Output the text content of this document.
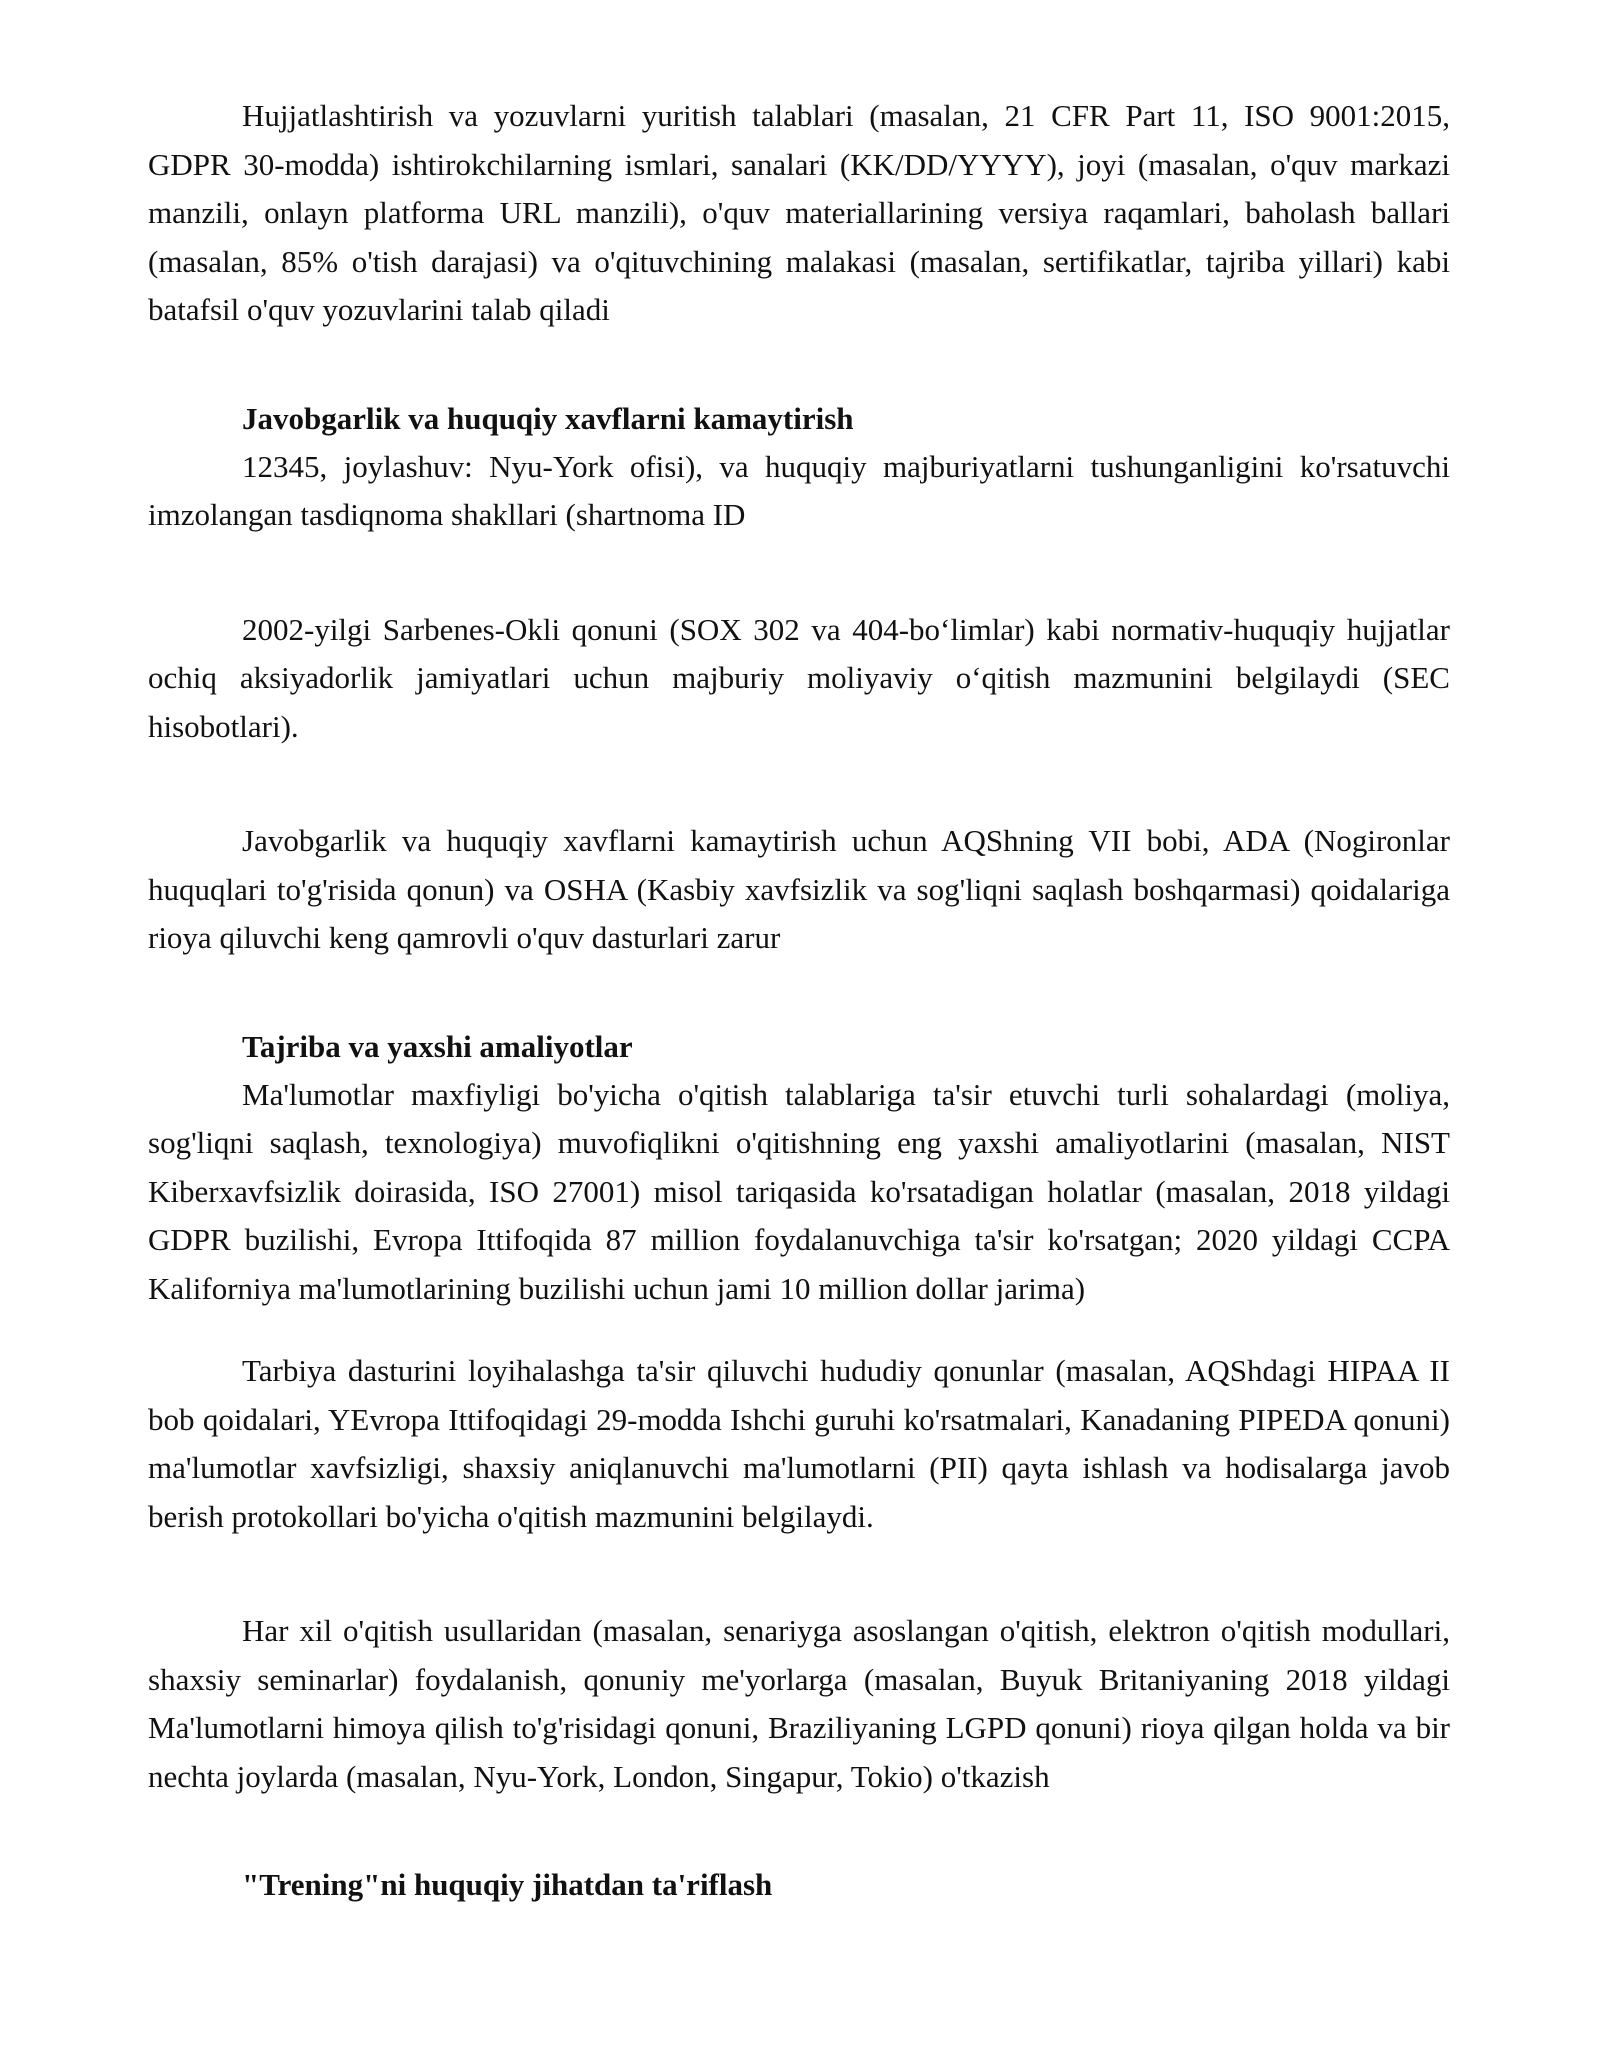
Hujjatlashtirish va yozuvlarni yuritish talablari (masalan, 21 CFR Part 11, ISO 9001:2015, GDPR 30-modda) ishtirokchilarning ismlari, sanalari (KK/DD/YYYY), joyi (masalan, o'quv markazi manzili, onlayn platforma URL manzili), o'quv materiallarining versiya raqamlari, baholash ballari (masalan, 85% o'tish darajasi) va o'qituvchining malakasi (masalan, sertifikatlar, tajriba yillari) kabi batafsil o'quv yozuvlarini talab qiladi

Javobgarlik va huquqiy xavflarni kamaytirish

12345, joylashuv: Nyu-York ofisi), va huquqiy majburiyatlarni tushunganligini ko'rsatuvchi imzolangan tasdiqnoma shakllari (shartnoma ID

2002-yilgi Sarbenes-Okli qonuni (SOX 302 va 404-bo‘limlar) kabi normativ-huquqiy hujjatlar ochiq aksiyadorlik jamiyatlari uchun majburiy moliyaviy o‘qitish mazmunini belgilaydi (SEC hisobotlari).

Javobgarlik va huquqiy xavflarni kamaytirish uchun AQShning VII bobi, ADA (Nogironlar huquqlari to'g'risida qonun) va OSHA (Kasbiy xavfsizlik va sog'liqni saqlash boshqarmasi) qoidalariga rioya qiluvchi keng qamrovli o'quv dasturlari zarur

Tajriba va yaxshi amaliyotlar

Ma'lumotlar maxfiyligi bo'yicha o'qitish talablariga ta'sir etuvchi turli sohalardagi (moliya, sog'liqni saqlash, texnologiya) muvofiqlikni o'qitishning eng yaxshi amaliyotlarini (masalan, NIST Kiberxavfsizlik doirasida, ISO 27001) misol tariqasida ko'rsatadigan holatlar (masalan, 2018 yildagi GDPR buzilishi, Evropa Ittifoqida 87 million foydalanuvchiga ta'sir ko'rsatgan; 2020 yildagi CCPA Kaliforniya ma'lumotlarining buzilishi uchun jami 10 million dollar jarima)

Tarbiya dasturini loyihalashga ta'sir qiluvchi hududiy qonunlar (masalan, AQShdagi HIPAA II bob qoidalari, YEvropa Ittifoqidagi 29-modda Ishchi guruhi ko'rsatmalari, Kanadaning PIPEDA qonuni) ma'lumotlar xavfsizligi, shaxsiy aniqlanuvchi ma'lumotlarni (PII) qayta ishlash va hodisalarga javob berish protokollari bo'yicha o'qitish mazmunini belgilaydi.

Har xil o'qitish usullaridan (masalan, senariyga asoslangan o'qitish, elektron o'qitish modullari, shaxsiy seminarlar) foydalanish, qonuniy me'yorlarga (masalan, Buyuk Britaniyaning 2018 yildagi Ma'lumotlarni himoya qilish to'g'risidagi qonuni, Braziliyaning LGPD qonuni) rioya qilgan holda va bir nechta joylarda (masalan, Nyu-York, London, Singapur, Tokio) o'tkazish

"Trening"ni huquqiy jihatdan ta'riflash
